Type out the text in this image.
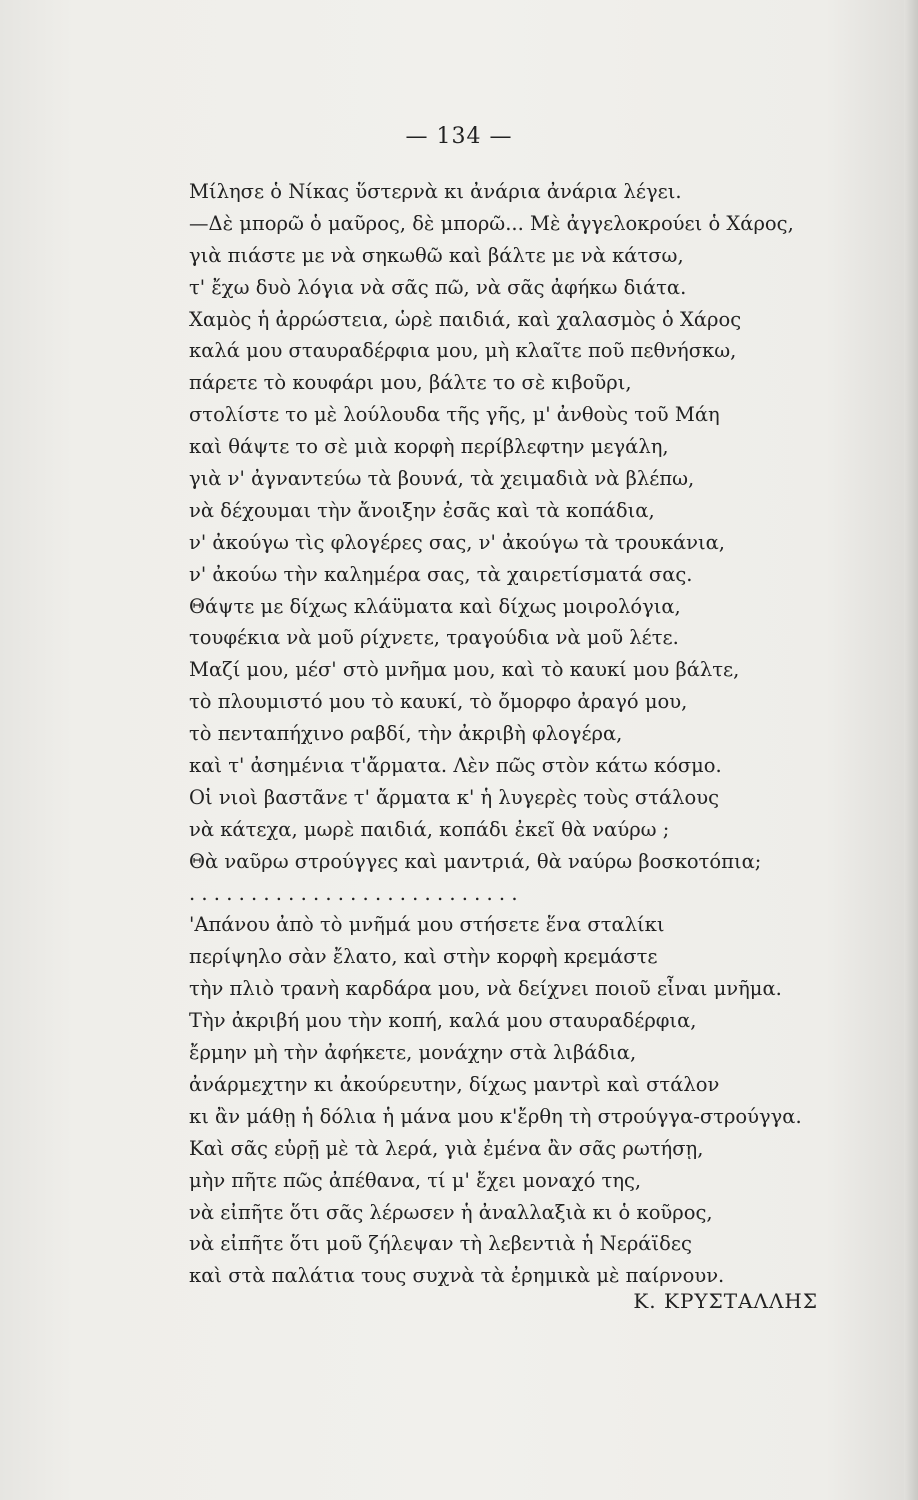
— 134 —
Μίλησε ὁ Νίκας ὕστερνὰ κι ἀνάρια ἀνάρια λέγει.
—Δὲ μπορῶ ὁ μαῦρος, δὲ μπορῶ... Μὲ ἀγγελοκρούει ὁ Χάρος,
γιὰ πιάστε με νὰ σηκωθῶ καὶ βάλτε με νὰ κάτσω,
τ' ἔχω δυὸ λόγια νὰ σᾶς πῶ, νὰ σᾶς ἀφήκω διάτα.
Χαμὸς ἡ ἀρρώστεια, ὡρὲ παιδιά, καὶ χαλασμὸς ὁ Χάρος
καλά μου σταυραδέρφια μου, μὴ κλαῖτε ποῦ πεθνήσκω,
πάρετε τὸ κουφάρι μου, βάλτε το σὲ κιβοῦρι,
στολίστε το μὲ λούλουδα τῆς γῆς, μ' ἀνθοὺς τοῦ Μάη
καὶ θάψτε το σὲ μιὰ κορφὴ περίβλεφτην μεγάλη,
γιὰ ν' ἀγναντεύω τὰ βουνά, τὰ χειμαδιὰ νὰ βλέπω,
νὰ δέχουμαι τὴν ἄνοιξην ἐσᾶς καὶ τὰ κοπάδια,
ν' ἀκούγω τὶς φλογέρες σας, ν' ἀκούγω τὰ τρουκάνια,
ν' ἀκούω τὴν καλημέρα σας, τὰ χαιρετίσματά σας.
Θάψτε με δίχως κλάϋματα καὶ δίχως μοιρολόγια,
τουφέκια νὰ μοῦ ρίχνετε, τραγούδια νὰ μοῦ λέτε.
Μαζί μου, μέσ' στὸ μνῆμα μου, καὶ τὸ καυκί μου βάλτε,
τὸ πλουμιστό μου τὸ καυκί, τὸ ὄμορφο ἀραγό μου,
τὸ πενταπήχινο ραβδί, τὴν ἀκριβὴ φλογέρα,
καὶ τ' ἀσημένια τ'ἄρματα. Λὲν πῶς στὸν κάτω κόσμο.
Οἱ νιοὶ βαστᾶνε τ' ἄρματα κ' ἡ λυγερὲς τοὺς στάλους
νὰ κάτεχα, μωρὲ παιδιά, κοπάδι ἐκεῖ θὰ ναύρω ;
Θὰ ναῦρω στρούγγες καὶ μαντριά, θὰ ναύρω βοσκοτόπια;
. . . . . . . . . . . . . . . . . . . . . . . . . . .
'Απάνου ἀπὸ τὸ μνῆμά μου στήσετε ἕνα σταλίκι
περίψηλο σὰν ἔλατο, καὶ στὴν κορφὴ κρεμάστε
τὴν πλιὸ τρανὴ καρδάρα μου, νὰ δείχνει ποιοῦ εἶναι μνῆμα.
Τὴν ἀκριβή μου τὴν κοπή, καλά μου σταυραδέρφια,
ἔρμην μὴ τὴν ἀφήκετε, μονάχην στὰ λιβάδια,
ἀνάρμεχτην κι ἀκούρευτην, δίχως μαντρὶ καὶ στάλον
κι ἂν μάθῃ ἡ δόλια ἡ μάνα μου κ'ἔρθη τὴ στρούγγα-στρούγγα.
Καὶ σᾶς εὑρῇ μὲ τὰ λερά, γιὰ ἐμένα ἂν σᾶς ρωτήσῃ,
μὴν πῆτε πῶς ἀπέθανα, τί μ' ἔχει μοναχό της,
νὰ εἰπῆτε ὅτι σᾶς λέρωσεν ἡ ἀναλλαξιὰ κι ὁ κοῦρος,
νὰ εἰπῆτε ὅτι μοῦ ζήλεψαν τὴ λεβεντιὰ ἡ Νεράϊδες
καὶ στὰ παλάτια τους συχνὰ τὰ ἐρημικὰ μὲ παίρνουν.
Κ. ΚΡΥΣΤΑΛΛΗΣ
